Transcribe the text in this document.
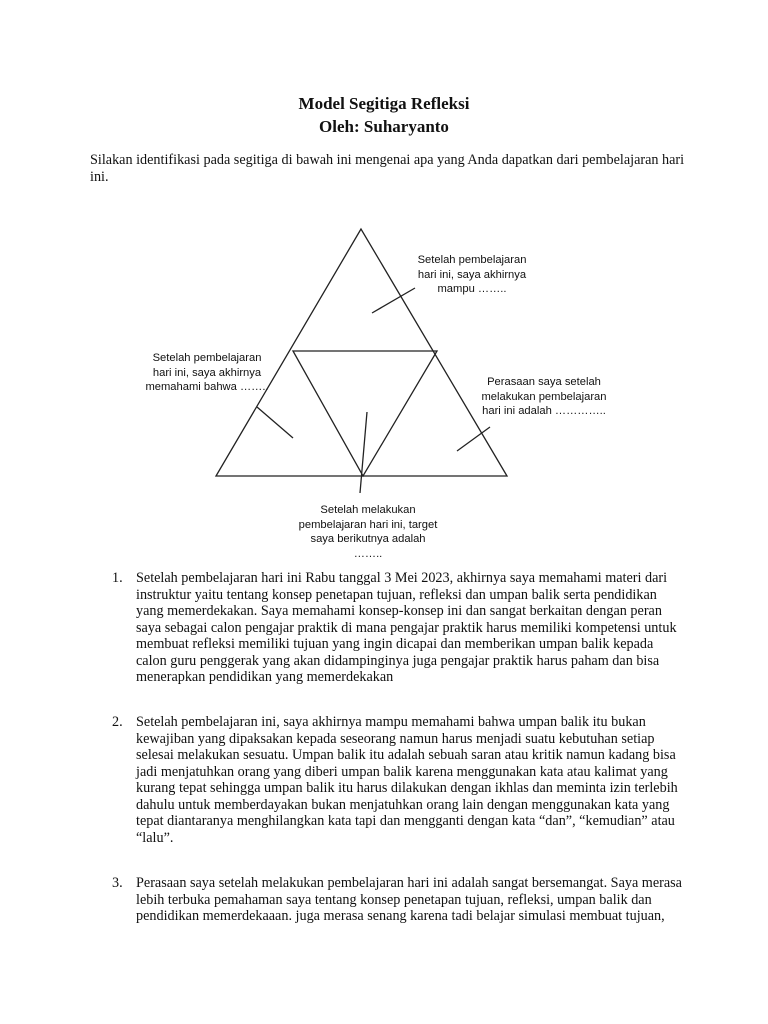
Model Segitiga Refleksi
Oleh: Suharyanto
Silakan identifikasi pada segitiga di bawah ini mengenai apa yang Anda dapatkan dari pembelajaran hari ini.
Setelah pembelajaran hari ini, saya akhirnya mampu ……..
Setelah pembelajaran hari ini, saya akhirnya memahami bahwa ……..	Perasaan saya setelah melakukan pembelajaran hari ini adalah …………..
Setelah melakukan pembelajaran hari ini, target saya berikutnya adalah ……..
1. Setelah pembelajaran hari ini Rabu tanggal 3 Mei 2023, akhirnya saya memahami materi dari instruktur yaitu tentang konsep penetapan tujuan, refleksi dan umpan balik serta pendidikan yang memerdekakan. Saya memahami konsep-konsep ini dan sangat berkaitan dengan peran saya sebagai calon pengajar praktik di mana pengajar praktik harus memiliki kompetensi untuk membuat refleksi memiliki tujuan yang ingin dicapai dan memberikan umpan balik kepada calon guru penggerak yang akan didampinginya juga pengajar praktik harus paham dan bisa menerapkan pendidikan yang memerdekakan
2. Setelah pembelajaran ini, saya akhirnya mampu memahami bahwa umpan balik itu bukan kewajiban yang dipaksakan kepada seseorang namun harus menjadi suatu kebutuhan setiap selesai melakukan sesuatu. Umpan balik itu adalah sebuah saran atau kritik namun kadang bisa jadi menjatuhkan orang yang diberi umpan balik karena menggunakan kata atau kalimat yang kurang tepat sehingga umpan balik itu harus dilakukan dengan ikhlas dan meminta izin terlebih dahulu untuk memberdayakan bukan menjatuhkan orang lain dengan menggunakan kata yang tepat diantaranya menghilangkan kata tapi dan mengganti dengan kata “dan”, “kemudian” atau “lalu”.
3. Perasaan saya setelah melakukan pembelajaran hari ini adalah sangat bersemangat. Saya merasa lebih terbuka pemahaman saya tentang konsep penetapan tujuan, refleksi, umpan balik dan pendidikan memerdekaaan. juga merasa senang karena tadi belajar simulasi membuat tujuan,
